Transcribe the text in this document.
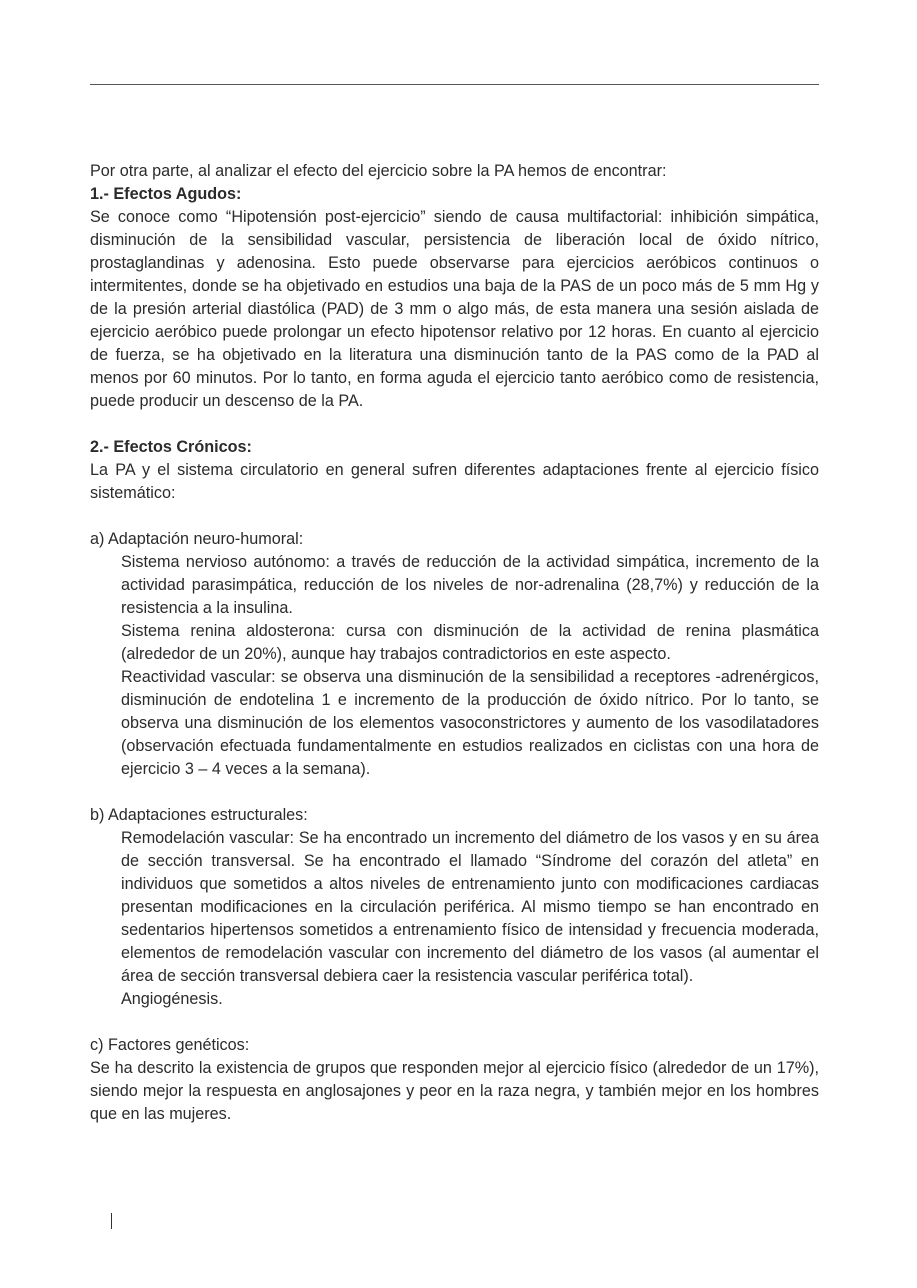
Por otra parte, al analizar el efecto del ejercicio sobre la PA hemos de encontrar:

1.- Efectos Agudos:

Se conoce como “Hipotensión post-ejercicio” siendo de causa multifactorial: inhibición simpática, disminución de la sensibilidad vascular, persistencia de liberación local de óxido nítrico, prostaglandinas y adenosina. Esto puede observarse para ejercicios aeróbicos continuos o intermitentes, donde se ha objetivado en estudios una baja de la PAS de un poco más de 5 mm Hg y de la presión arterial diastólica (PAD) de 3 mm o algo más, de esta manera una sesión aislada de ejercicio aeróbico puede prolongar un efecto hipotensor relativo por 12 horas. En cuanto al ejercicio de fuerza, se ha objetivado en la literatura una disminución tanto de la PAS como de la PAD al menos por 60 minutos. Por lo tanto, en forma aguda el ejercicio tanto aeróbico como de resistencia, puede producir un descenso de la PA.

2.- Efectos Crónicos:

La PA y el sistema circulatorio en general sufren diferentes adaptaciones frente al ejercicio físico sistemático:

a) Adaptación neuro-humoral:

Sistema nervioso autónomo: a través de reducción de la actividad simpática, incremento de la actividad parasimpática, reducción de los niveles de nor-adrenalina (28,7%) y reducción de la resistencia a la insulina.

Sistema renina aldosterona: cursa con disminución de la actividad de renina plasmática (alrededor de un 20%), aunque hay trabajos contradictorios en este aspecto.

Reactividad vascular: se observa una disminución de la sensibilidad a receptores -adrenérgicos, disminución de endotelina 1 e incremento de la producción de óxido nítrico. Por lo tanto, se observa una disminución de los elementos vasoconstrictores y aumento de los vasodilatadores (observación efectuada fundamentalmente en estudios realizados en ciclistas con una hora de ejercicio 3 – 4 veces a la semana).

b) Adaptaciones estructurales:

Remodelación vascular: Se ha encontrado un incremento del diámetro de los vasos y en su área de sección transversal. Se ha encontrado el llamado “Síndrome del corazón del atleta” en individuos que sometidos a altos niveles de entrenamiento junto con modificaciones cardiacas presentan modificaciones en la circulación periférica. Al mismo tiempo se han encontrado en sedentarios hipertensos sometidos a entrenamiento físico de intensidad y frecuencia moderada, elementos de remodelación vascular con incremento del diámetro de los vasos (al aumentar el área de sección transversal debiera caer la resistencia vascular periférica total).

Angiogénesis.

c) Factores genéticos:

Se ha descrito la existencia de grupos que responden mejor al ejercicio físico (alrededor de un 17%), siendo mejor la respuesta en anglosajones y peor en la raza negra, y también mejor en los hombres que en las mujeres.
